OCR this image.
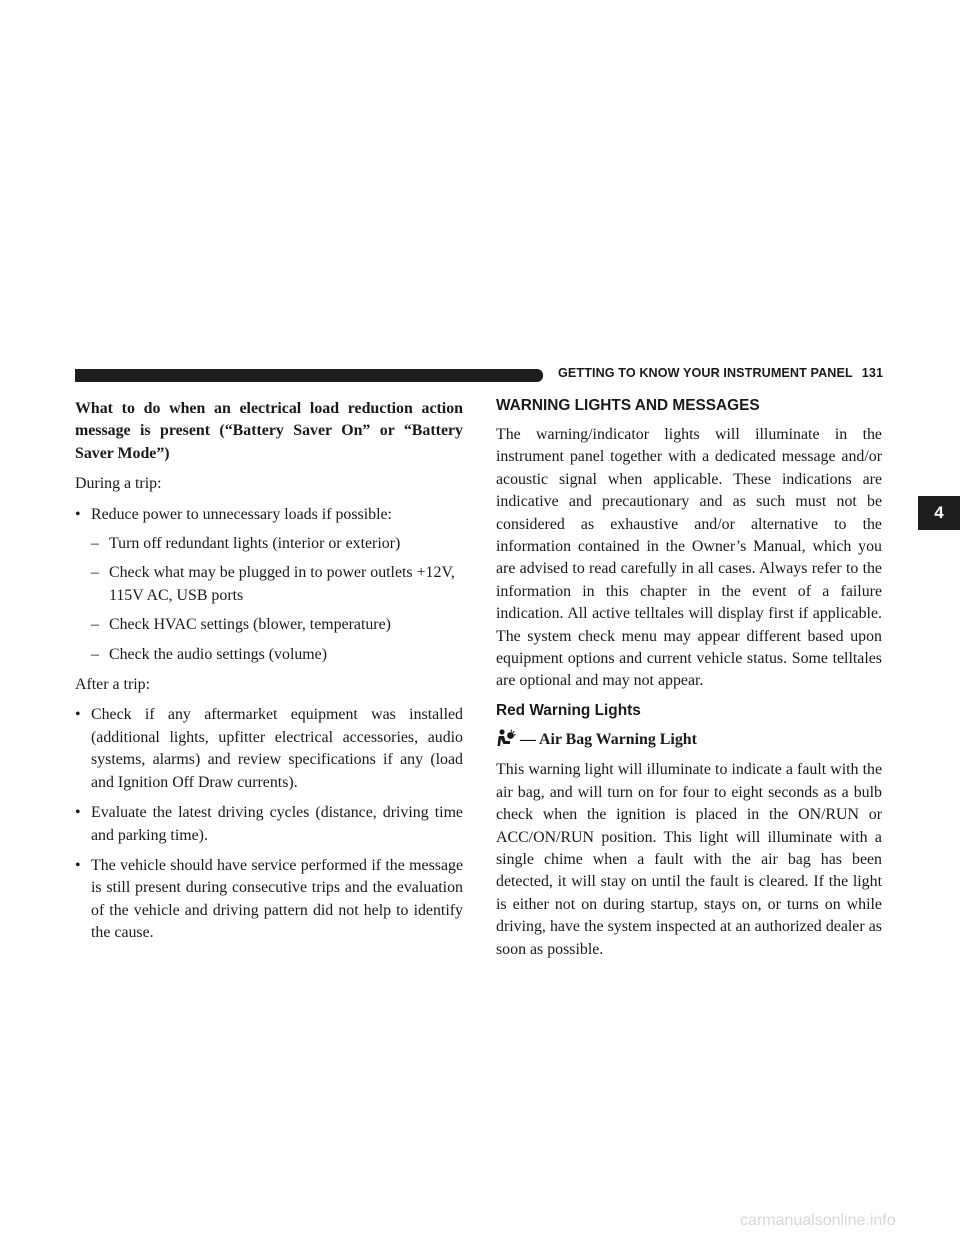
GETTING TO KNOW YOUR INSTRUMENT PANEL 131
4

What to do when an electrical load reduction action message is present (“Battery Saver On” or “Battery Saver Mode”)

During a trip:

• Reduce power to unnecessary loads if possible:
– Turn off redundant lights (interior or exterior)
– Check what may be plugged in to power outlets +12V, 115V AC, USB ports
– Check HVAC settings (blower, temperature)
– Check the audio settings (volume)

After a trip:

• Check if any aftermarket equipment was installed (additional lights, upfitter electrical accessories, audio systems, alarms) and review specifications if any (load and Ignition Off Draw currents).
• Evaluate the latest driving cycles (distance, driving time and parking time).
• The vehicle should have service performed if the message is still present during consecutive trips and the evaluation of the vehicle and driving pattern did not help to identify the cause.

WARNING LIGHTS AND MESSAGES

The warning/indicator lights will illuminate in the instrument panel together with a dedicated message and/or acoustic signal when applicable. These indications are indicative and precautionary and as such must not be considered as exhaustive and/or alternative to the information contained in the Owner’s Manual, which you are advised to read carefully in all cases. Always refer to the information in this chapter in the event of a failure indication. All active telltales will display first if applicable. The system check menu may appear different based upon equipment options and current vehicle status. Some telltales are optional and may not appear.

Red Warning Lights

— Air Bag Warning Light

This warning light will illuminate to indicate a fault with the air bag, and will turn on for four to eight seconds as a bulb check when the ignition is placed in the ON/RUN or ACC/ON/RUN position. This light will illuminate with a single chime when a fault with the air bag has been detected, it will stay on until the fault is cleared. If the light is either not on during startup, stays on, or turns on while driving, have the system inspected at an authorized dealer as soon as possible.

carmanualsonline.info
